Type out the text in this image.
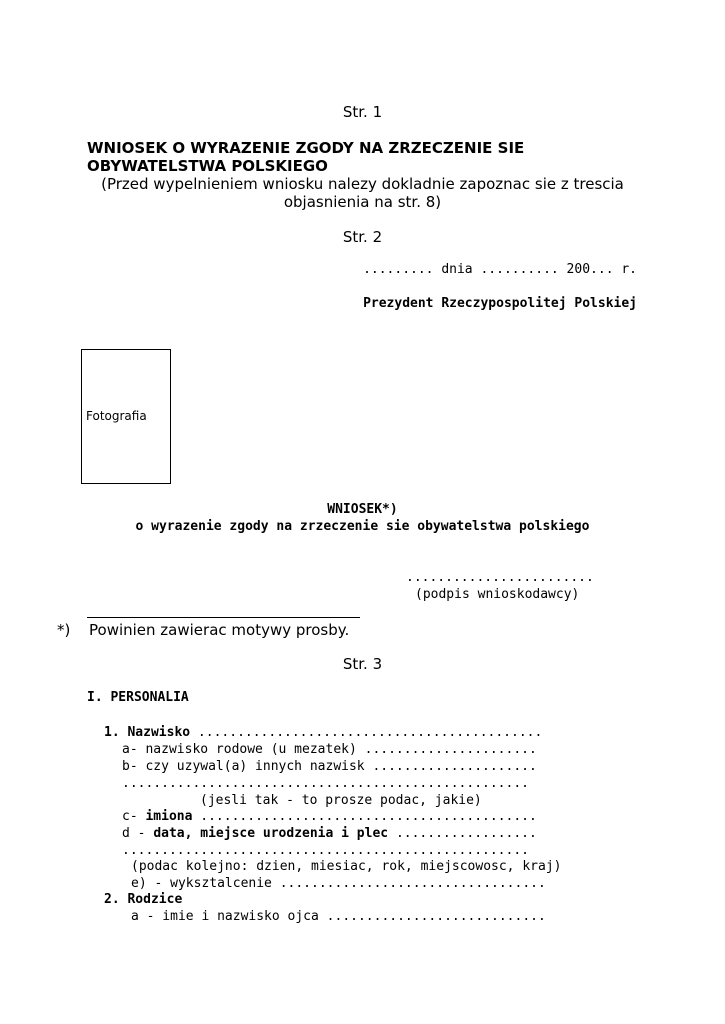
Str. 1

WNIOSEK O WYRAZENIE ZGODY NA ZRZECZENIE SIE

OBYWATELSTWA POLSKIEGO

(Przed wypelnieniem wniosku nalezy dokladnie zapoznac sie z trescia

objasnienia na str. 8)

Str. 2

......... dnia .......... 200... r.

Prezydent Rzeczypospolitej Polskiej

Fotografia

WNIOSEK*)

o wyrazenie zgody na zrzeczenie sie obywatelstwa polskiego

........................

(podpis wnioskodawcy)

*) Powinien zawierac motywy prosby.

Str. 3

I. PERSONALIA

1. Nazwisko ............................................

a- nazwisko rodowe (u mezatek) ......................

b- czy uzywal(a) innych nazwisk .....................

....................................................

(jesli tak - to prosze podac, jakie)

c- imiona ...........................................
d - data, miejsce urodzenia i plec ..................

....................................................

(podac kolejno: dzien, miesiac, rok, miejscowosc, kraj)

e) - wyksztalcenie ..................................

2. Rodzice

a - imie i nazwisko ojca ............................
